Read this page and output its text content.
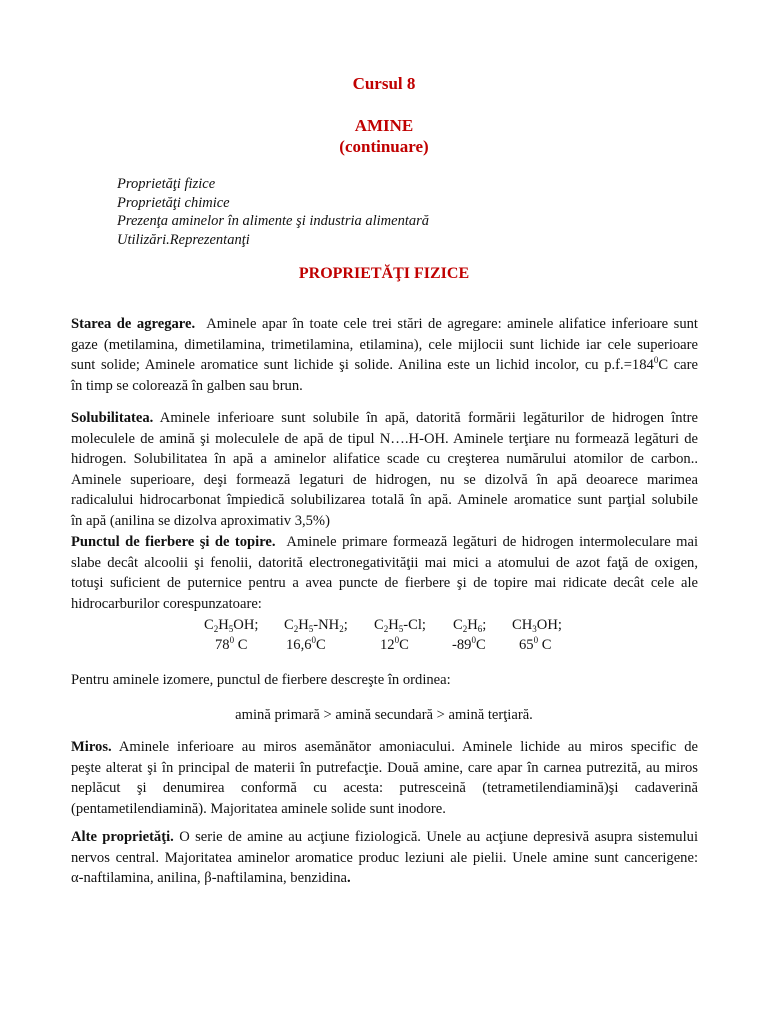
Cursul 8
AMINE
(continuare)
Proprietăţi fizice
Proprietăţi chimice
Prezenţa aminelor în alimente şi industria alimentară
Utilizări.Reprezentanţi
PROPRIETĂŢI FIZICE
Starea de agregare. Aminele apar în toate cele trei stări de agregare: aminele alifatice inferioare sunt
gaze (metilamina, dimetilamina, trimetilamina, etilamina), cele mijlocii sunt lichide iar cele superioare
sunt solide; Aminele aromatice sunt lichide şi solide. Anilina este un lichid incolor, cu $p.f.=184^0C$ care
în timp se colorează în galben sau brun.
Solubilitatea. Aminele inferioare sunt solubile în apă, datorită formării legăturilor de hidrogen între
moleculele de amină şi moleculele de apă de tipul N….H-OH. Aminele terţiare nu formează legături de
hidrogen. Solubilitatea în apă a aminelor alifatice scade cu creşterea numărului atomilor de carbon..
Aminele superioare, deşi formează legaturi de hidrogen, nu se dizolvă în apă deoarece marimea
radicalului hidrocarbonat împiedică solubilizarea totală în apă. Aminele aromatice sunt parţial solubile
în apă (anilina se dizolva aproximativ 3,5%)
Punctul de fierbere şi de topire. Aminele primare formează legături de hidrogen intermoleculare mai
slabe decât alcoolii şi fenolii, datorită electronegativităţii mai mici a atomului de azot faţă de oxigen,
totuşi suficient de puternice pentru a avea puncte de fierbere şi de topire mai ridicate decât cele ale
hidrocarburilor corespunzatoare:
$C_2H_5OH$; $C_2H_5-NH_2$; $C_2H_5-Cl$; $C_2H_6$; $CH_3OH$;
$78^0$ C	16,6$^0$C	$12^0C$	$-89^0C$ $65^0$ C
Pentru aminele izomere, punctul de fierbere descreşte în ordinea:
amină primară > amină secundară > amină terţiară.
Miros. Aminele inferioare au miros asemănător amoniacului. Aminele lichide au miros specific de
peşte alterat şi în principal de materii în putrefacţie. Două amine, care apar în carnea putrezită, au miros
neplăcut şi denumirea conformă cu acesta: putresceină (tetrametilendiamină)şi cadaverină
(pentametilendiamină). Majoritatea aminele solide sunt inodore.
Alte proprietăţi. O serie de amine au acţiune fiziologică. Unele au acţiune depresivă asupra sistemului
nervos central. Majoritatea aminelor aromatice produc leziuni ale pielii. Unele amine sunt cancerigene:
α-naftilamina, anilina, β-naftilamina, benzidina.
